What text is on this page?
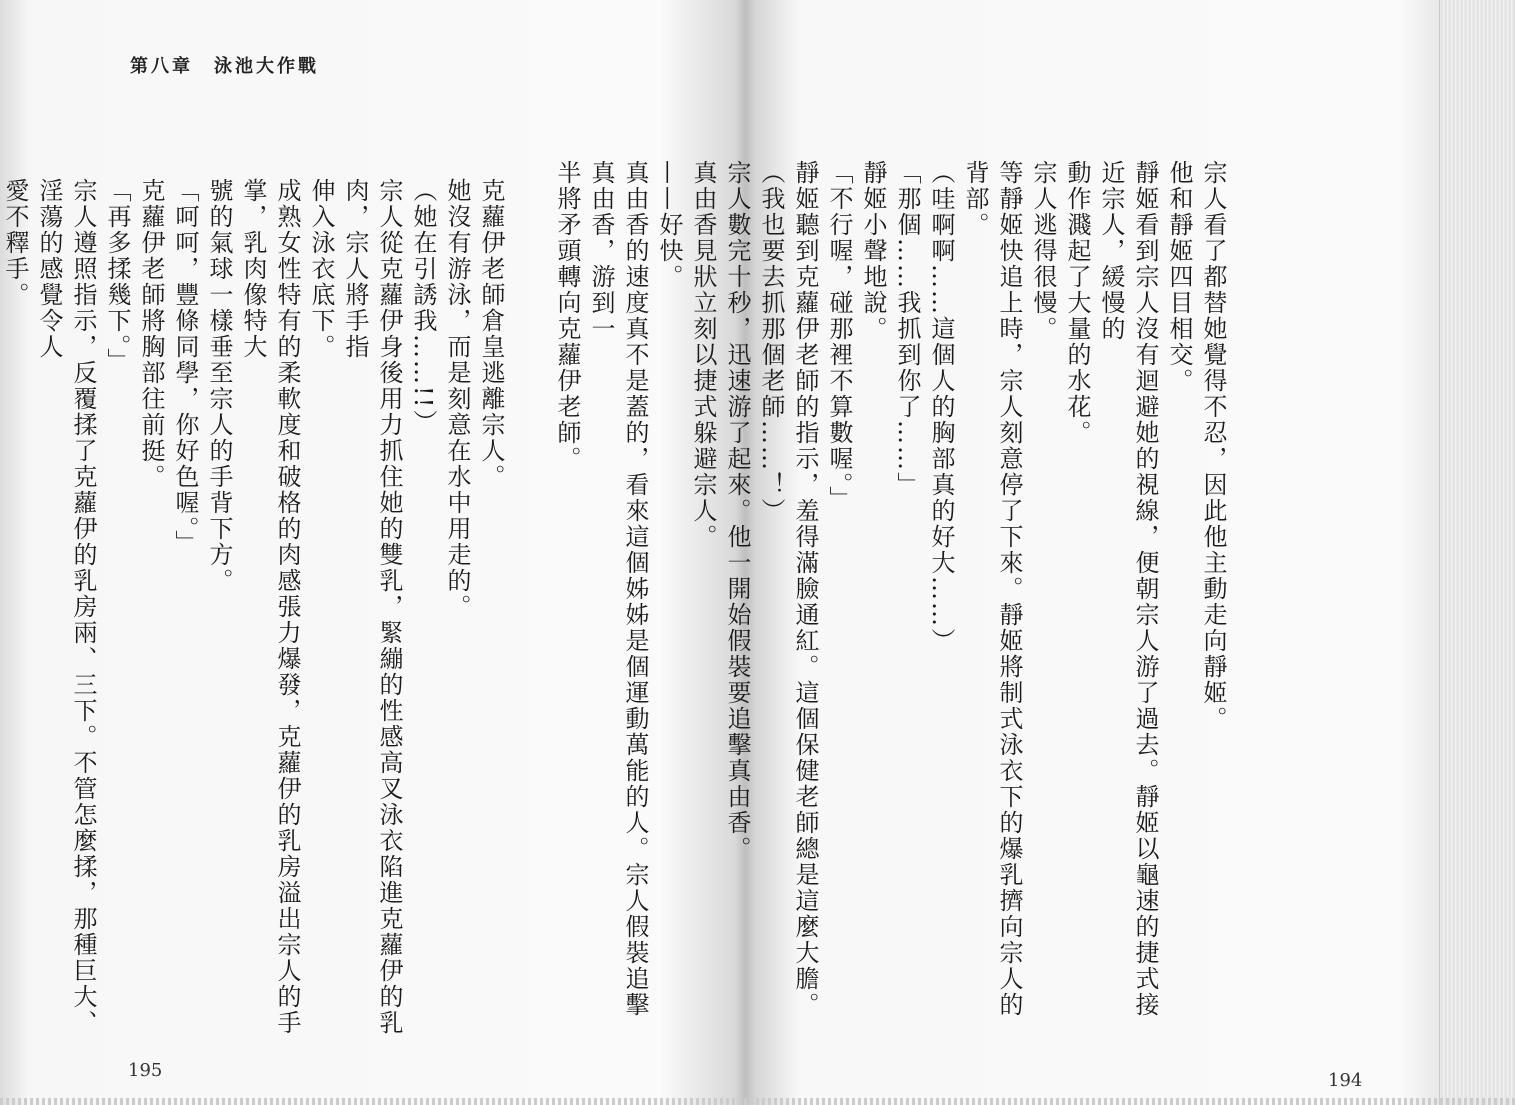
第八章　泳池大作戰
克蘿伊老師倉皇逃離宗人。
她沒有游泳，而是刻意在水中用走的。
（她在引誘我……!!）
宗人從克蘿伊身後用力抓住她的雙乳，緊繃的性感高叉泳衣陷進克蘿伊的乳肉，宗人將手指
伸入泳衣底下。
成熟女性特有的柔軟度和破格的肉感張力爆發，克蘿伊的乳房溢出宗人的手掌，乳肉像特大
號的氣球一樣垂至宗人的手背下方。
「呵呵，豐條同學，你好色喔。」
克蘿伊老師將胸部往前挺。
「再多揉幾下。」
宗人遵照指示，反覆揉了克蘿伊的乳房兩、三下。不管怎麼揉，那種巨大、淫蕩的感覺令人
愛不釋手。
195
宗人看了都替她覺得不忍，因此他主動走向靜姬。
他和靜姬四目相交。
靜姬看到宗人沒有迴避她的視線，便朝宗人游了過去。靜姬以龜速的捷式接近宗人，緩慢的
動作濺起了大量的水花。
宗人逃得很慢。
等靜姬快追上時，宗人刻意停了下來。靜姬將制式泳衣下的爆乳擠向宗人的背部。
（哇啊啊……這個人的胸部真的好大……）
「那個……我抓到你了……」
靜姬小聲地說。
「不行喔，碰那裡不算數喔。」
靜姬聽到克蘿伊老師的指示，羞得滿臉通紅。這個保健老師總是這麼大膽。
（我也要去抓那個老師……！）
宗人數完十秒，迅速游了起來。他一開始假裝要追擊真由香。
真由香見狀立刻以捷式躲避宗人。
——好快。
真由香的速度真不是蓋的，看來這個姊姊是個運動萬能的人。宗人假裝追擊真由香，游到一
半將矛頭轉向克蘿伊老師。
194
